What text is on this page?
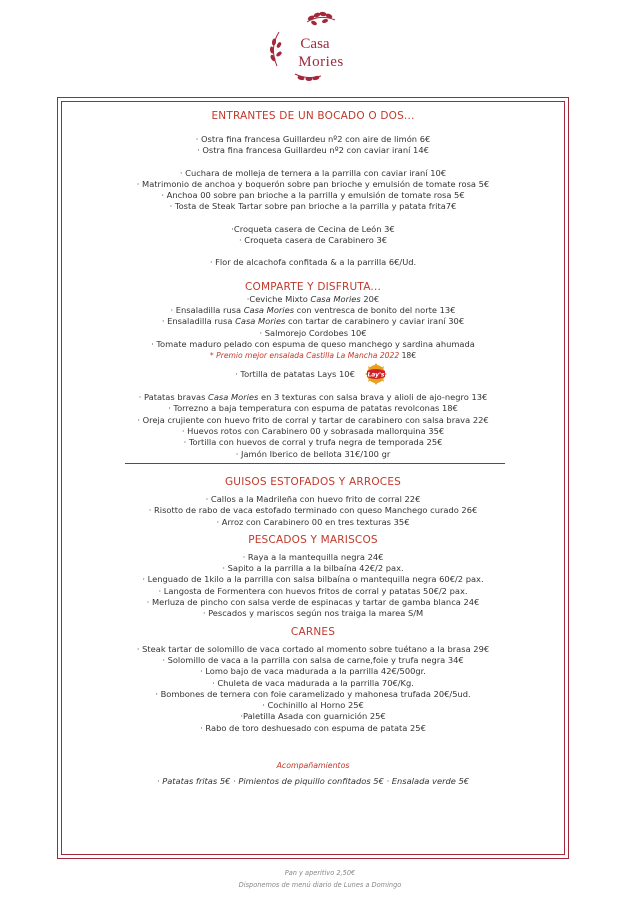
Casa
Mories
ENTRANTES DE UN BOCADO O DOS...
· Ostra fina francesa Guillardeu nº2 con aire de limón 6€
· Ostra fina francesa Guillardeu nº2 con caviar iraní 14€
· Cuchara de molleja de ternera a la parrilla con caviar iraní 10€
· Matrimonio de anchoa y boquerón sobre pan brioche y emulsión de tomate rosa 5€
· Anchoa 00 sobre pan brioche a la parrilla y emulsión de tomate rosa 5€
· Tosta de Steak Tartar sobre pan brioche a la parrilla y patata frita7€
·Croqueta casera de Cecina de León 3€
· Croqueta casera de Carabinero 3€
· Flor de alcachofa confitada & a la parrilla 6€/Ud.
COMPARTE Y DISFRUTA...
·Ceviche Mixto Casa Mories 20€
· Ensaladilla rusa Casa Mories con ventresca de bonito del norte 13€
· Ensaladilla rusa Casa Mories con tartar de carabinero y caviar iraní 30€
· Salmorejo Cordobes 10€
· Tomate maduro pelado con espuma de queso manchego y sardina ahumada
* Premio mejor ensalada Castilla La Mancha 2022 18€
· Tortilla de patatas Lays 10€ Lay's
· Patatas bravas Casa Mories en 3 texturas con salsa brava y alioli de ajo-negro 13€
· Torrezno a baja temperatura con espuma de patatas revolconas 18€
· Oreja crujiente con huevo frito de corral y tartar de carabinero con salsa brava 22€
· Huevos rotos con Carabinero 00 y sobrasada mallorquina 35€
· Tortilla con huevos de corral y trufa negra de temporada 25€
· Jamón Iberico de bellota 31€/100 gr
GUISOS ESTOFADOS Y ARROCES
· Callos a la Madrileña con huevo frito de corral 22€
· Risotto de rabo de vaca estofado terminado con queso Manchego curado 26€
· Arroz con Carabinero 00 en tres texturas 35€
PESCADOS Y MARISCOS
· Raya a la mantequilla negra 24€
· Sapito a la parrilla a la bilbaína 42€/2 pax.
· Lenguado de 1kilo a la parrilla con salsa bilbaína o mantequilla negra 60€/2 pax.
· Langosta de Formentera con huevos fritos de corral y patatas 50€/2 pax.
· Merluza de pincho con salsa verde de espinacas y tartar de gamba blanca 24€
· Pescados y mariscos según nos traiga la marea S/M
CARNES
· Steak tartar de solomillo de vaca cortado al momento sobre tuétano a la brasa 29€
· Solomillo de vaca a la parrilla con salsa de carne,foie y trufa negra 34€
· Lomo bajo de vaca madurada a la parrilla 42€/500gr.
· Chuleta de vaca madurada a la parrilla 70€/Kg.
· Bombones de ternera con foie caramelizado y mahonesa trufada 20€/5ud.
· Cochinillo al Horno 25€
·Paletilla Asada con guarnición 25€
· Rabo de toro deshuesado con espuma de patata 25€
Acompañamientos
· Patatas fritas 5€ · Pimientos de piquillo confitados 5€ · Ensalada verde 5€
Pan y aperitivo 2,50€
Disponemos de menú diario de Lunes a Domingo
